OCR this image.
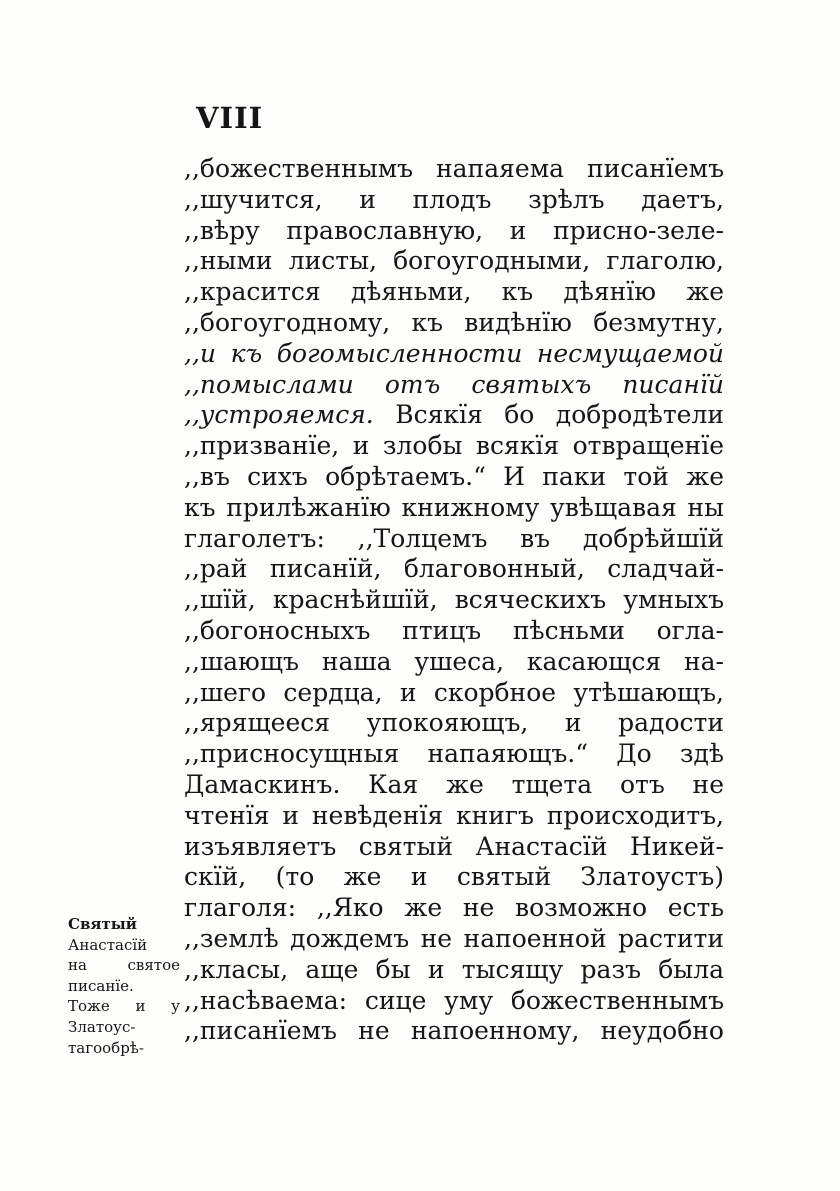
VIII
,,божественнымъ напаяема писанїемъ
,,шучится, и плодъ зрѣлъ даетъ,
,,вѣру православную, и присно-зеле-
,,ными листы, богоугодными, глаголю,
,,красится дѣяньми, къ дѣянїю же
,,богоугодному, къ видѣнїю безмутну,
,,и къ богомысленности несмущаемой
,,помыслами отъ святыхъ писанїй
,,устрояемся. Всякїя бо добродѣтели
,,призванїе, и злобы всякїя отвращенїе
,,въ сихъ обрѣтаемъ.“ И паки той же
къ прилѣжанїю книжному увѣщавая ны
глаголетъ: ,,Толцемъ въ добрѣйшїй
,,рай писанїй, благовонный, сладчай-
,,шїй, краснѣйшїй, всяческихъ умныхъ
,,богоносныхъ птицъ пѣсньми огла-
,,шающъ наша ушеса, касающся на-
,,шего сердца, и скорбное утѣшающъ,
,,ярящееся упокояющъ, и радости
,,присносущныя напаяющъ.“ До здѣ
Дамаскинъ. Кая же тщета отъ не
чтенїя и невѣденїя книгъ происходитъ,
изъявляетъ святый Анастасїй Никей-
скїй, (то же и святый Златоустъ)
глаголя: ,,Яко же не возможно есть
,,землѣ дождемъ не напоенной растити
,,класы, аще бы и тысящу разъ была
,,насѣваема: сице уму божественнымъ
,,писанїемъ не напоенному, неудобно
Святый
Анастасїй
на святое
писанїе.
Тоже и у
Златоус-
тагообрѣ-
